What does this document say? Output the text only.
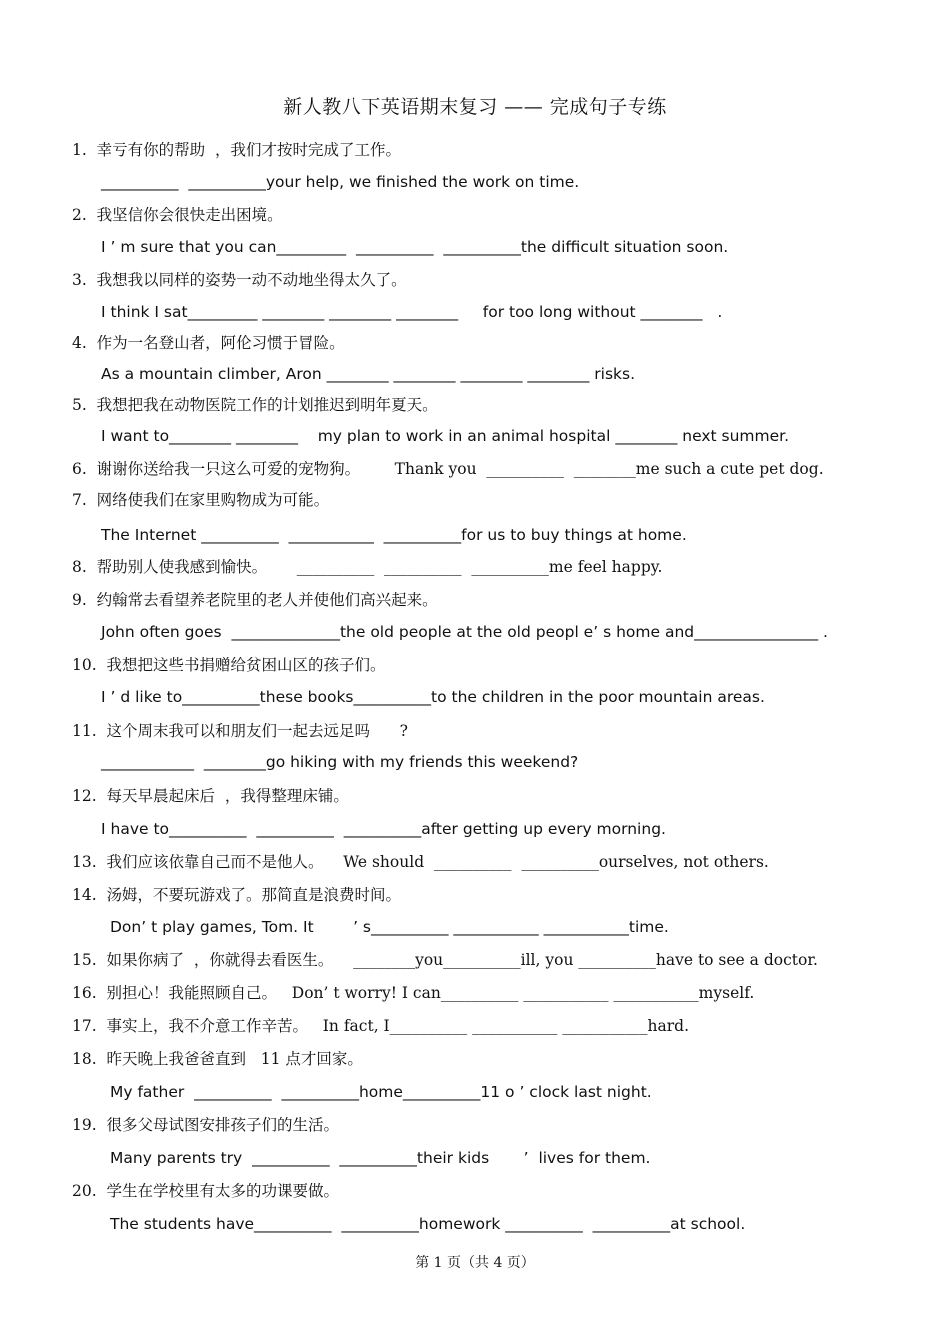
新人教八下英语期末复习 —— 完成句子专练
1.  幸亏有你的帮助  ，我们才按时完成了工作。
__________  __________your help, we finished the work on time.
2.  我坚信你会很快走出困境。
I ’ m sure that you can_________  __________  __________the difficult situation soon.
3.  我想我以同样的姿势一动不动地坐得太久了。
I think I sat_________ ________ ________ ________     for too long without ________   .
4.  作为一名登山者，阿伦习惯于冒险。
As a mountain climber, Aron ________ ________ ________ ________ risks.
5.  我想把我在动物医院工作的计划推迟到明年夏天。
I want to________ ________    my plan to work in an animal hospital ________ next summer.
6.  谢谢你送给我一只这么可爱的宠物狗。       Thank you  __________  ________me such a cute pet dog.
7.  网络使我们在家里购物成为可能。
The Internet __________  ___________  __________for us to buy things at home.
8.  帮助别人使我感到愉快。      __________  __________  __________me feel happy.
9.  约翰常去看望养老院里的老人并使他们高兴起来。
John often goes  ______________the old people at the old peopl e’ s home and________________ .
10.  我想把这些书捐赠给贫困山区的孩子们。
I ’ d like to__________these books__________to the children in the poor mountain areas.
11.  这个周末我可以和朋友们一起去远足吗      ?
____________  ________go hiking with my friends this weekend?
12.  每天早晨起床后  ，我得整理床铺。
I have to__________  __________  __________after getting up every morning.
13.  我们应该依靠自己而不是他人。    We should  __________  __________ourselves, not others.
14.  汤姆，不要玩游戏了。那简直是浪费时间。
Don’ t play games, Tom. It        ’ s__________ ___________ ___________time.
15.  如果你病了  ，你就得去看医生。    ________you__________ill, you __________have to see a doctor.
16.  别担心！我能照顾自己。   Don’ t worry! I can__________ ___________ ___________myself.
17.  事实上，我不介意工作辛苦。   In fact, I__________ ___________ ___________hard.
18.  昨天晚上我爸爸直到   11 点才回家。
My father  __________  __________home__________11 o ’ clock last night.
19.  很多父母试图安排孩子们的生活。
Many parents try  __________  __________their kids       ’  lives for them.
20.  学生在学校里有太多的功课要做。
The students have__________  __________homework __________  __________at school.
第 1 页（共 4 页）
